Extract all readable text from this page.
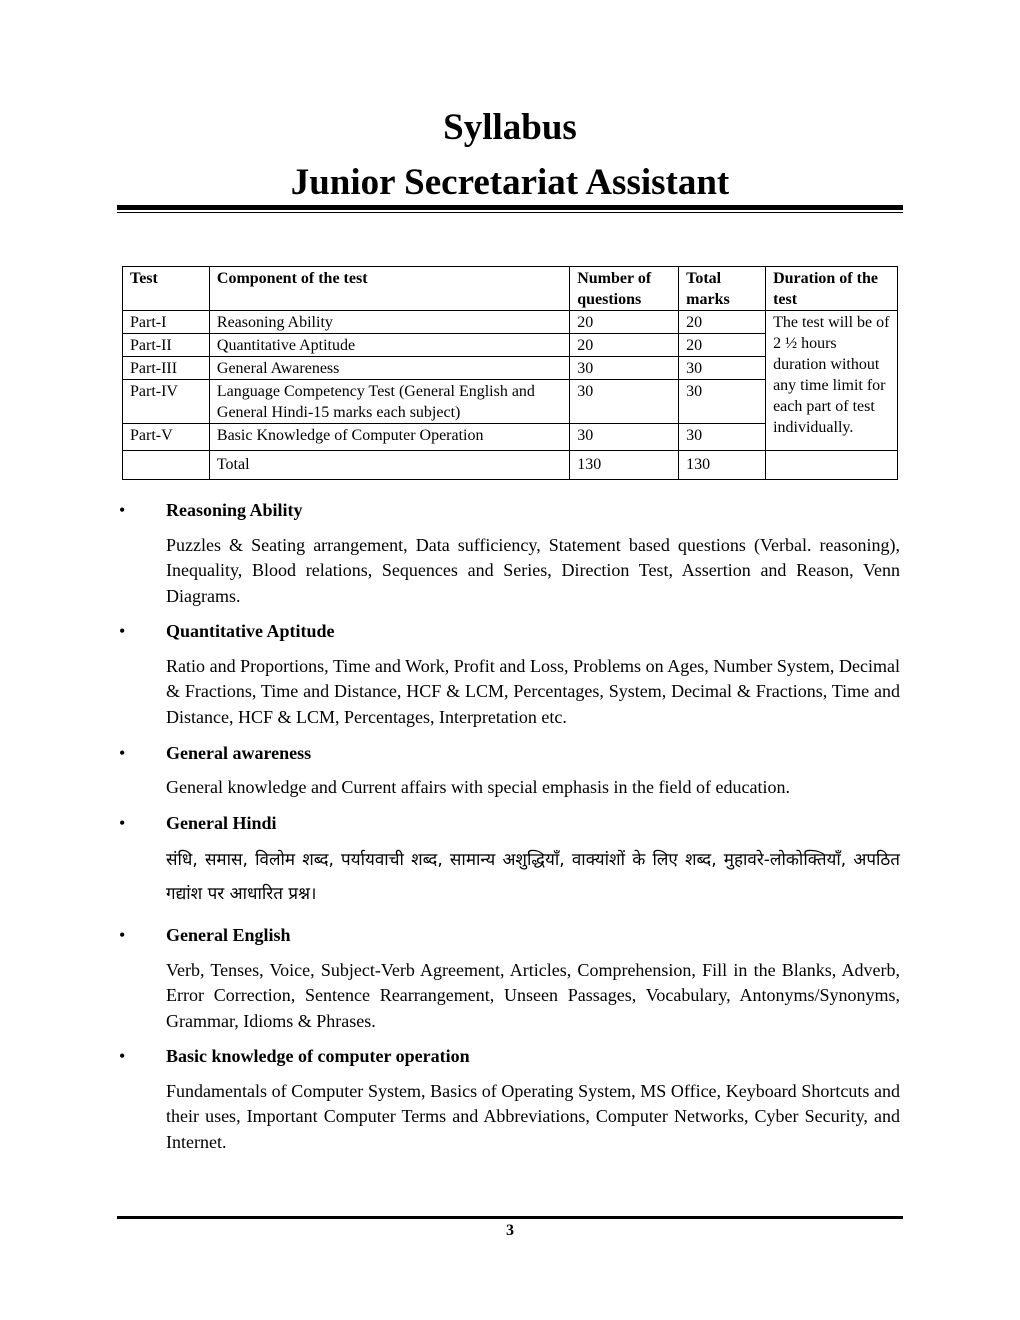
Syllabus
Junior Secretariat Assistant
Test	Component of the test	Number of questions	Total marks	Duration of the test
Part-I	Reasoning Ability	20	20	The test will be of 2 ½ hours duration without any time limit for each part of test individually.
Part-II	Quantitative Aptitude	20	20	
Part-III	General Awareness	30	30	
Part-IV	Language Competency Test (General English and General Hindi-15 marks each subject)	30	30	
Part-V	Basic Knowledge of Computer Operation	30	30	
	Total	130	130	
• Reasoning Ability
Puzzles & Seating arrangement, Data sufficiency, Statement based questions (Verbal. reasoning), Inequality, Blood relations, Sequences and Series, Direction Test, Assertion and Reason, Venn Diagrams.
• Quantitative Aptitude
Ratio and Proportions, Time and Work, Profit and Loss, Problems on Ages, Number System, Decimal & Fractions, Time and Distance, HCF & LCM, Percentages, System, Decimal & Fractions, Time and Distance, HCF & LCM, Percentages, Interpretation etc.
• General awareness
General knowledge and Current affairs with special emphasis in the field of education.
• General Hindi
संधि, समास, विलोम शब्द, पर्यायवाची शब्द, सामान्य अशुद्धियाँ, वाक्यांशों के लिए शब्द, मुहावरे-लोकोक्तियाँ, अपठित गद्यांश पर आधारित प्रश्न।
• General English
Verb, Tenses, Voice, Subject-Verb Agreement, Articles, Comprehension, Fill in the Blanks, Adverb, Error Correction, Sentence Rearrangement, Unseen Passages, Vocabulary, Antonyms/Synonyms, Grammar, Idioms & Phrases.
• Basic knowledge of computer operation
Fundamentals of Computer System, Basics of Operating System, MS Office, Keyboard Shortcuts and their uses, Important Computer Terms and Abbreviations, Computer Networks, Cyber Security, and Internet.
3
